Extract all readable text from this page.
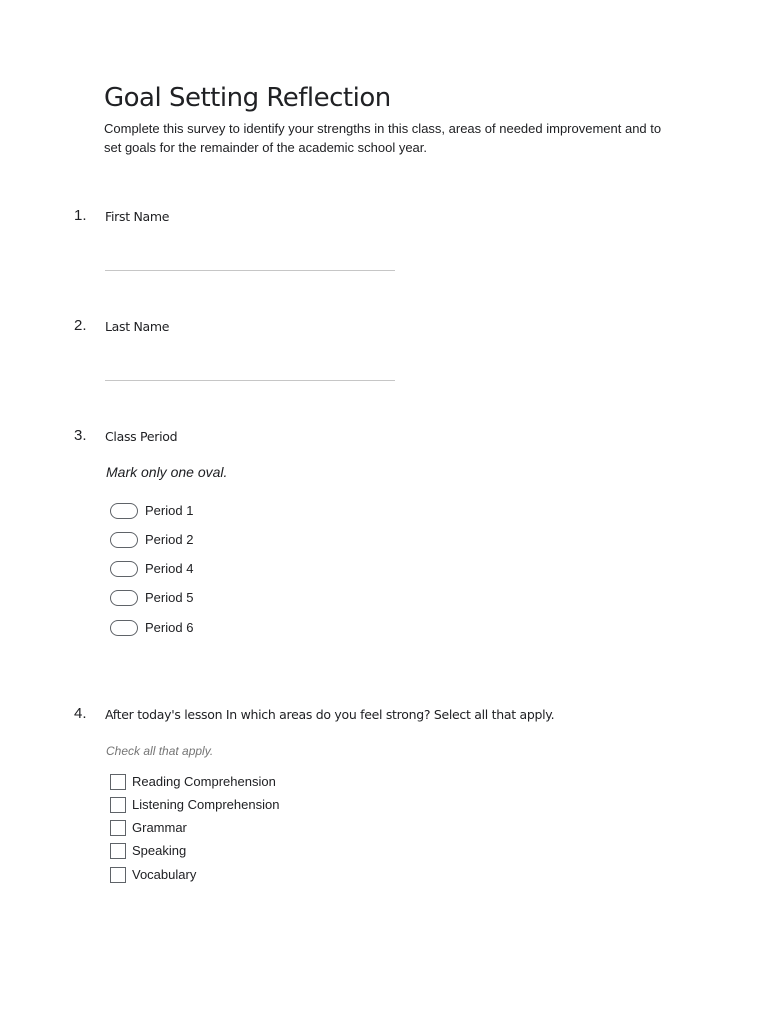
Goal Setting Reflection

Complete this survey to identify your strengths in this class, areas of needed improvement and to set goals for the remainder of the academic school year.

1. First Name
2. Last Name
3. Class Period
Mark only one oval.
Period 1
Period 2
Period 4
Period 5
Period 6
4. After today's lesson In which areas do you feel strong? Select all that apply.
Check all that apply.
Reading Comprehension
Listening Comprehension
Grammar
Speaking
Vocabulary
